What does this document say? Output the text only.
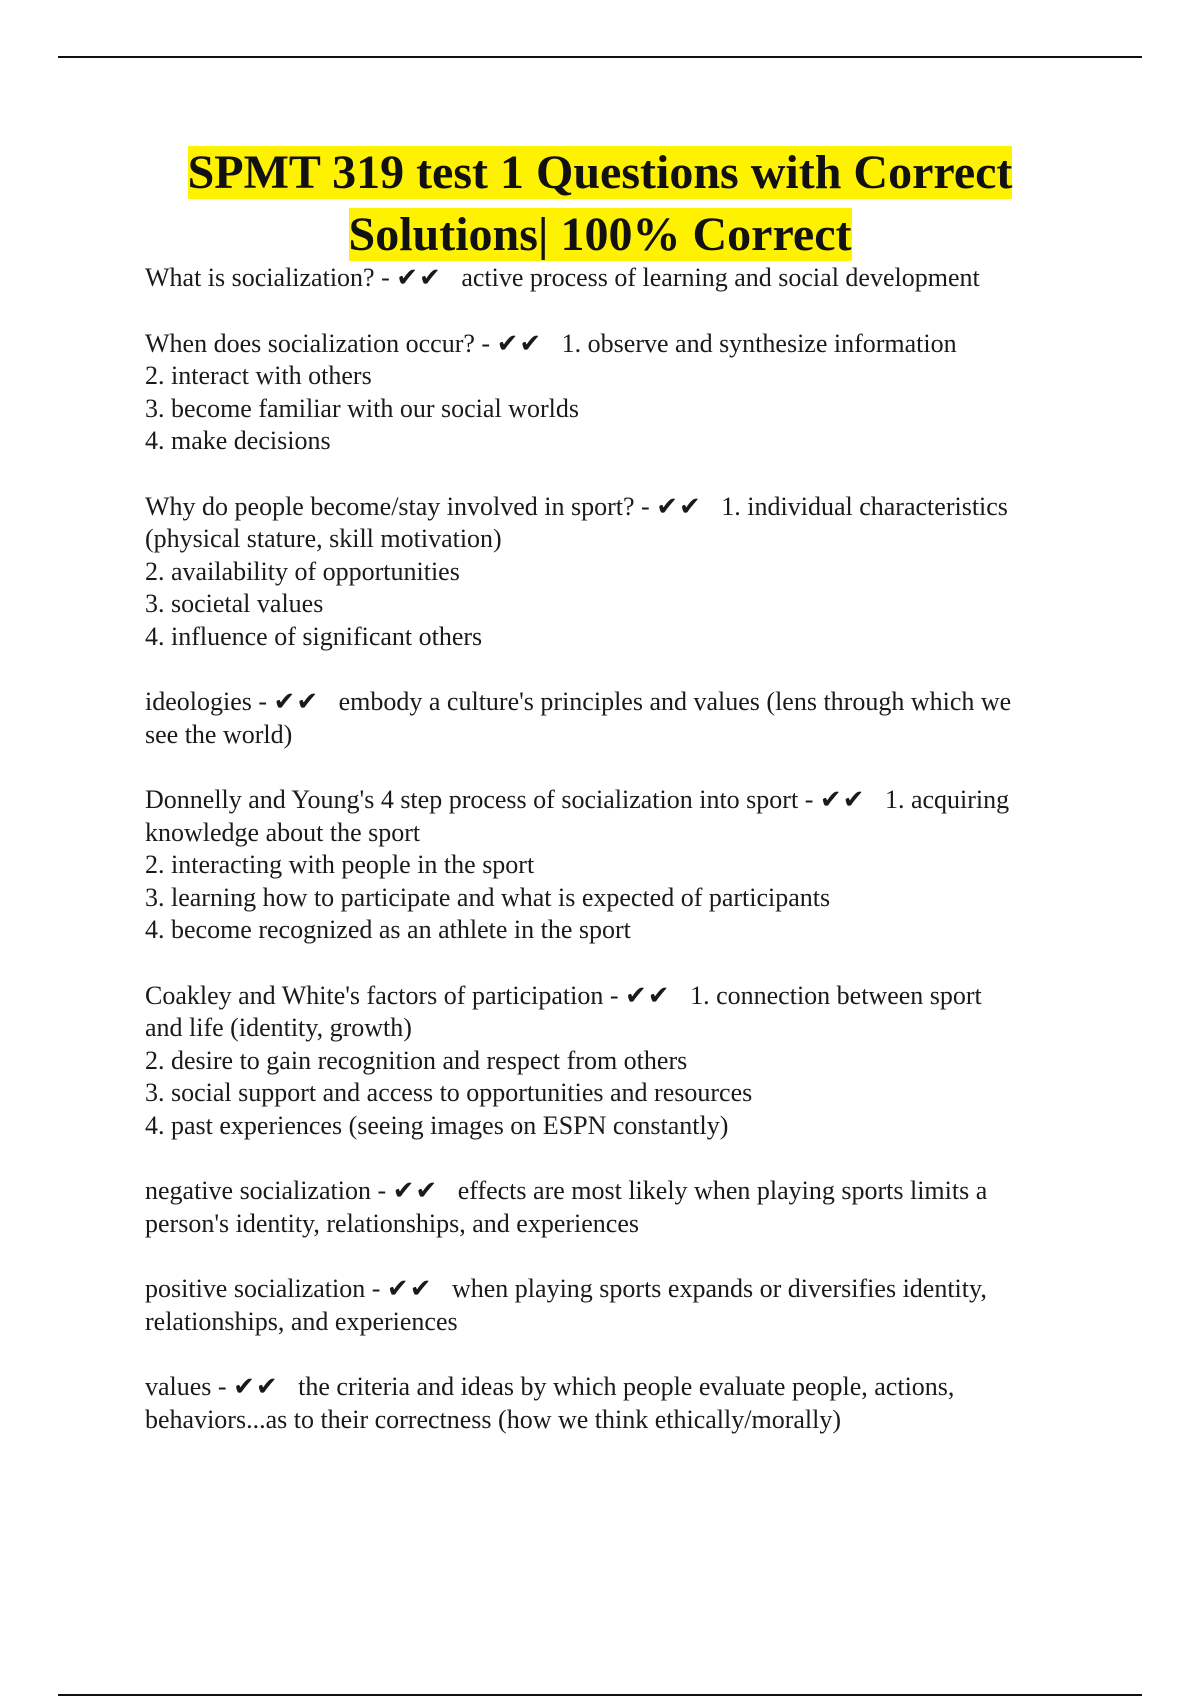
SPMT 319 test 1 Questions with Correct
Solutions| 100% Correct
What is socialization? - ✔✔ active process of learning and social development
When does socialization occur? - ✔✔ 1. observe and synthesize information
2. interact with others
3. become familiar with our social worlds
4. make decisions
Why do people become/stay involved in sport? - ✔✔ 1. individual characteristics
(physical stature, skill motivation)
2. availability of opportunities
3. societal values
4. influence of significant others
ideologies - ✔✔ embody a culture's principles and values (lens through which we
see the world)
Donnelly and Young's 4 step process of socialization into sport - ✔✔ 1. acquiring
knowledge about the sport
2. interacting with people in the sport
3. learning how to participate and what is expected of participants
4. become recognized as an athlete in the sport
Coakley and White's factors of participation - ✔✔ 1. connection between sport
and life (identity, growth)
2. desire to gain recognition and respect from others
3. social support and access to opportunities and resources
4. past experiences (seeing images on ESPN constantly)
negative socialization - ✔✔ effects are most likely when playing sports limits a
person's identity, relationships, and experiences
positive socialization - ✔✔ when playing sports expands or diversifies identity,
relationships, and experiences
values - ✔✔ the criteria and ideas by which people evaluate people, actions,
behaviors...as to their correctness (how we think ethically/morally)
